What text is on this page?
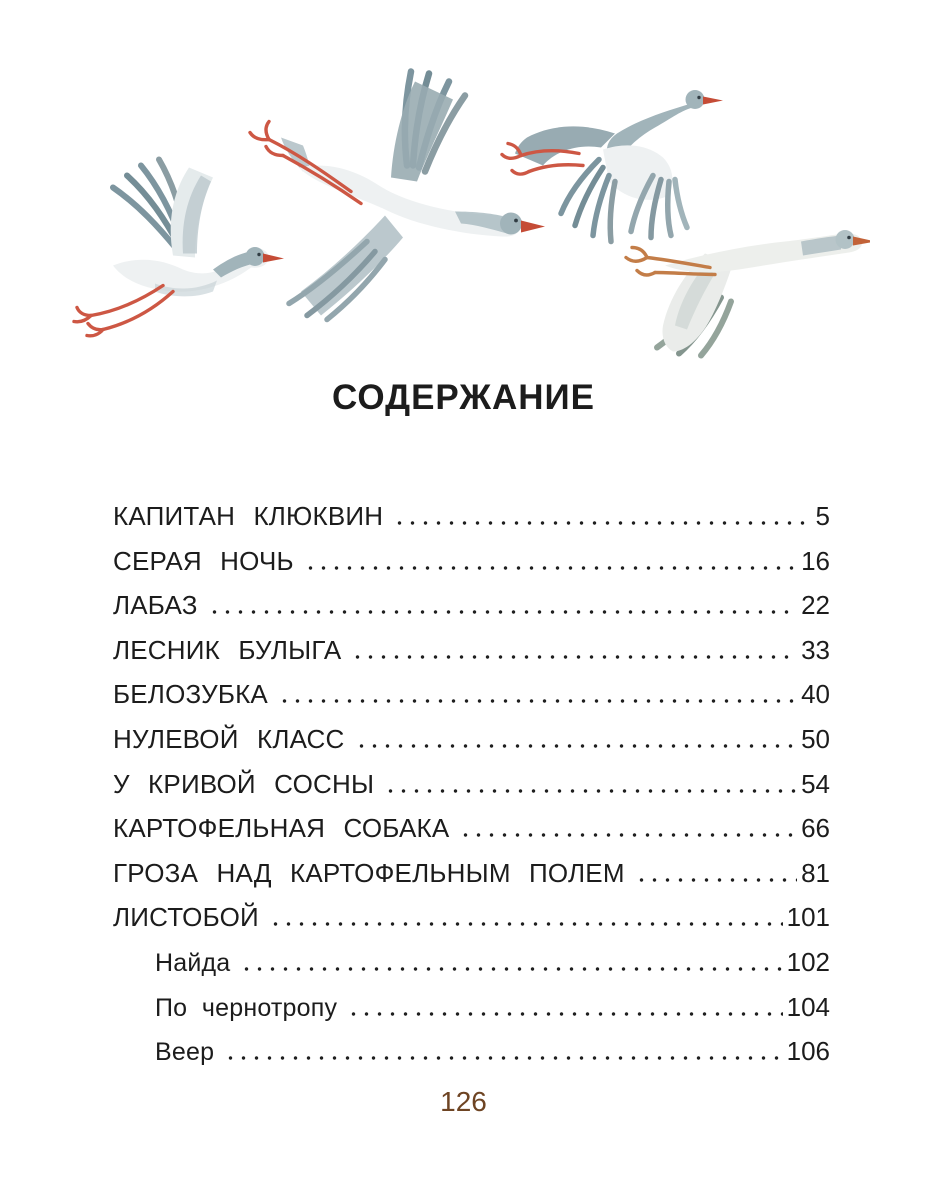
СОДЕРЖАНИЕ
КАПИТАН КЛЮКВИН	5
СЕРАЯ НОЧЬ	16
ЛАБАЗ	22
ЛЕСНИК БУЛЫГА	33
БЕЛОЗУБКА	40
НУЛЕВОЙ КЛАСС	50
У КРИВОЙ СОСНЫ	54
КАРТОФЕЛЬНАЯ СОБАКА	66
ГРОЗА НАД КАРТОФЕЛЬНЫМ ПОЛЕМ	81
ЛИСТОБОЙ	101
Найда	102
По чернотропу	104
Веер	106
126
